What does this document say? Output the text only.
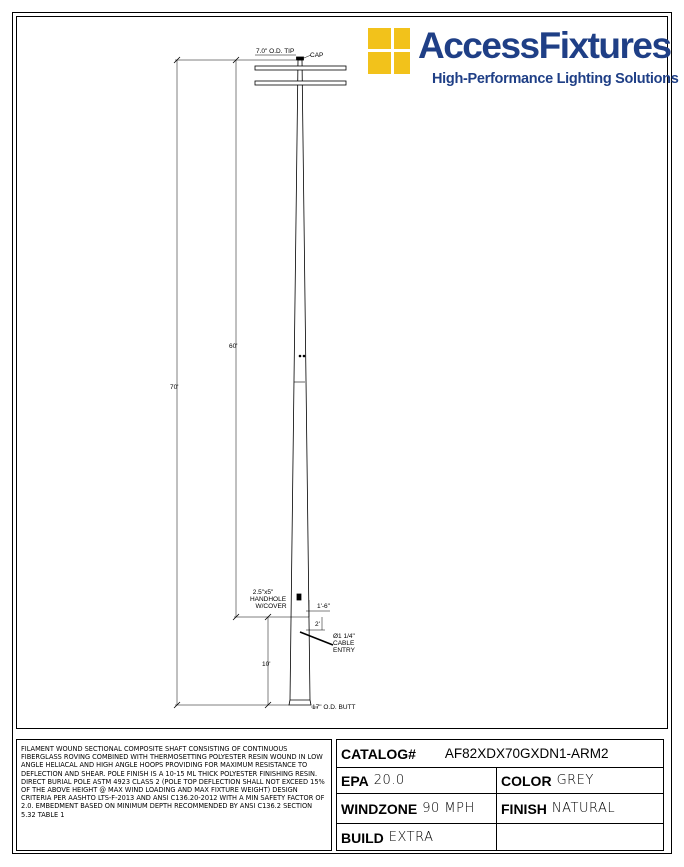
7.0" O.D. TIP
CAP
70'
60'
2.5"x5"
HANDHOLE
W/COVER	1'-6"
2'
Ø1 1/4"
CABLE
ENTRY
10'
17" O.D. BUTT
AccessFixtures
High-Performance Lighting Solutions
FILAMENT WOUND SECTIONAL COMPOSITE SHAFT CONSISTING OF CONTINUOUS FIBERGLASS ROVING COMBINED WITH THERMOSETTING POLYESTER RESIN WOUND IN LOW ANGLE HELIACAL AND HIGH ANGLE HOOPS PROVIDING FOR MAXIMUM RESISTANCE TO DEFLECTION AND SHEAR. POLE FINISH IS A 10-15 ML THICK POLYESTER FINISHING RESIN. DIRECT BURIAL POLE ASTM 4923 CLASS 2 (POLE TOP DEFLECTION SHALL NOT EXCEED 15% OF THE ABOVE HEIGHT @ MAX WIND LOADING AND MAX FIXTURE WEIGHT) DESIGN CRITERIA PER AASHTO LTS-F-2013 AND ANSI C136.20-2012 WITH A MIN SAFETY FACTOR OF 2.0. EMBEDMENT BASED ON MINIMUM DEPTH RECOMMENDED BY ANSI C136.2 SECTION 5.32 TABLE 1
CATALOG# AF82XDX70GXDN1-ARM2
EPA 20.0	COLOR GREY
WINDZONE 90 MPH FINISH NATURAL
BUILD EXTRA
